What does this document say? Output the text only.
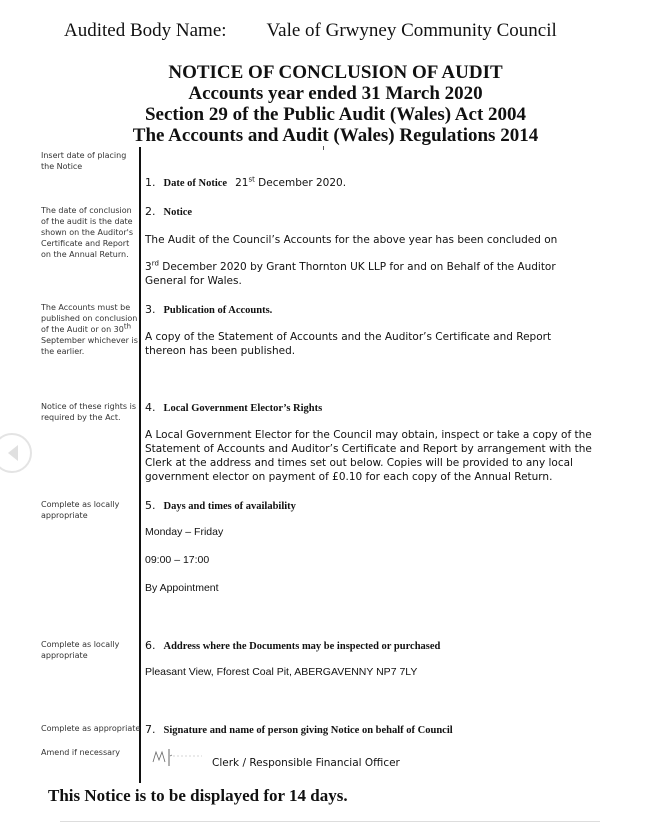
Audited Body Name: Vale of Grwyney Community Council
NOTICE OF CONCLUSION OF AUDIT
Accounts year ended 31 March 2020
Section 29 of the Public Audit (Wales) Act 2004
The Accounts and Audit (Wales) Regulations 2014
Insert date of placing
the Notice
The date of conclusion
of the audit is the date
shown on the Auditor's
Certificate and Report
on the Annual Return.
The Accounts must be
published on conclusion
of the Audit or on 30th
September whichever is
the earlier.
Notice of these rights is
required by the Act.
Complete as locally
appropriate
Complete as locally
appropriate
Complete as appropriate
Amend if necessary
1. Date of Notice 21st December 2020.
2. Notice
The Audit of the Council’s Accounts for the above year has been concluded on
3rd December 2020 by Grant Thornton UK LLP for and on Behalf of the Auditor General for Wales.
3. Publication of Accounts.
A copy of the Statement of Accounts and the Auditor’s Certificate and Report thereon has been published.
4. Local Government Elector’s Rights
A Local Government Elector for the Council may obtain, inspect or take a copy of the Statement of Accounts and Auditor’s Certificate and Report by arrangement with the Clerk at the address and times set out below. Copies will be provided to any local government elector on payment of £0.10 for each copy of the Annual Return.
5. Days and times of availability
Monday – Friday
09:00 – 17:00
By Appointment
6. Address where the Documents may be inspected or purchased
Pleasant View, Fforest Coal Pit, ABERGAVENNY NP7 7LY
7. Signature and name of person giving Notice on behalf of Council
Clerk / Responsible Financial Officer
This Notice is to be displayed for 14 days.
